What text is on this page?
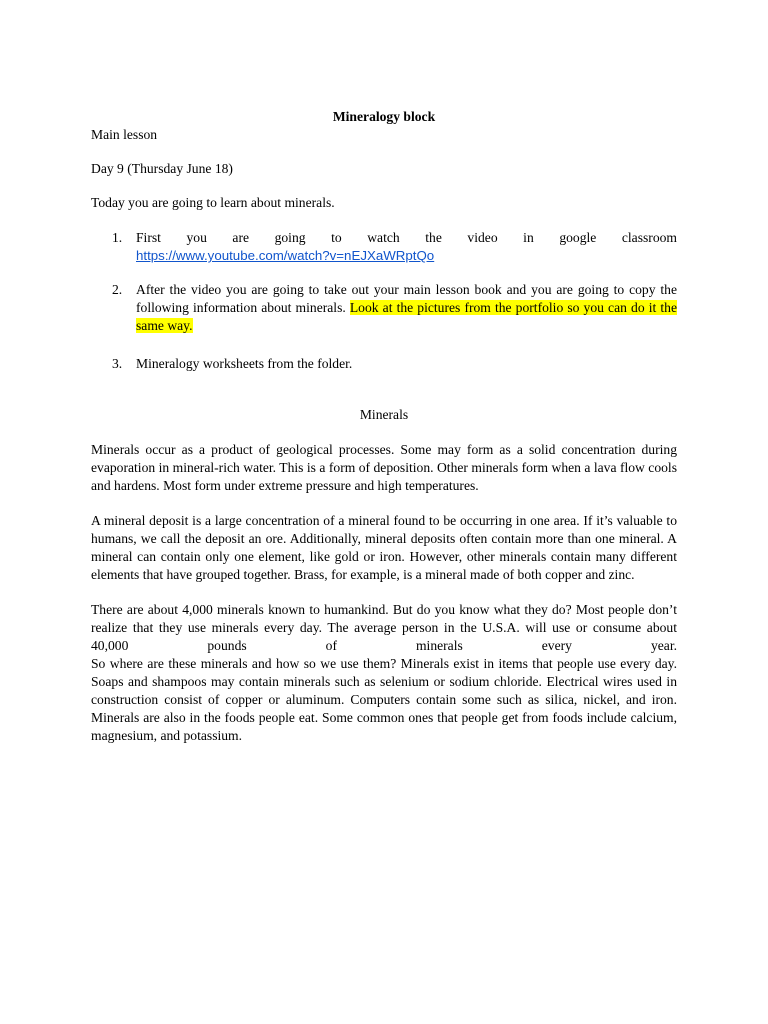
Mineralogy block

Main lesson

Day 9 (Thursday June 18)

Today you are going to learn about minerals.

1. First you are going to watch the video in google classroom
https://www.youtube.com/watch?v=nEJXaWRptQo
2. After the video you are going to take out your main lesson book and you are going to copy the following information about minerals. Look at the pictures from the portfolio so you can do it the same way.
3. Mineralogy worksheets from the folder.

Minerals

Minerals occur as a product of geological processes. Some may form as a solid concentration during evaporation in mineral-rich water. This is a form of deposition. Other minerals form when a lava flow cools and hardens. Most form under extreme pressure and high temperatures.

A mineral deposit is a large concentration of a mineral found to be occurring in one area. If it’s valuable to humans, we call the deposit an ore. Additionally, mineral deposits often contain more than one mineral. A mineral can contain only one element, like gold or iron. However, other minerals contain many different elements that have grouped together. Brass, for example, is a mineral made of both copper and zinc.

There are about 4,000 minerals known to humankind. But do you know what they do? Most people don’t realize that they use minerals every day. The average person in the U.S.A. will use or consume about 40,000 pounds of minerals every year.

So where are these minerals and how so we use them? Minerals exist in items that people use every day. Soaps and shampoos may contain minerals such as selenium or sodium chloride. Electrical wires used in construction consist of copper or aluminum. Computers contain some such as silica, nickel, and iron. Minerals are also in the foods people eat. Some common ones that people get from foods include calcium, magnesium, and potassium.
